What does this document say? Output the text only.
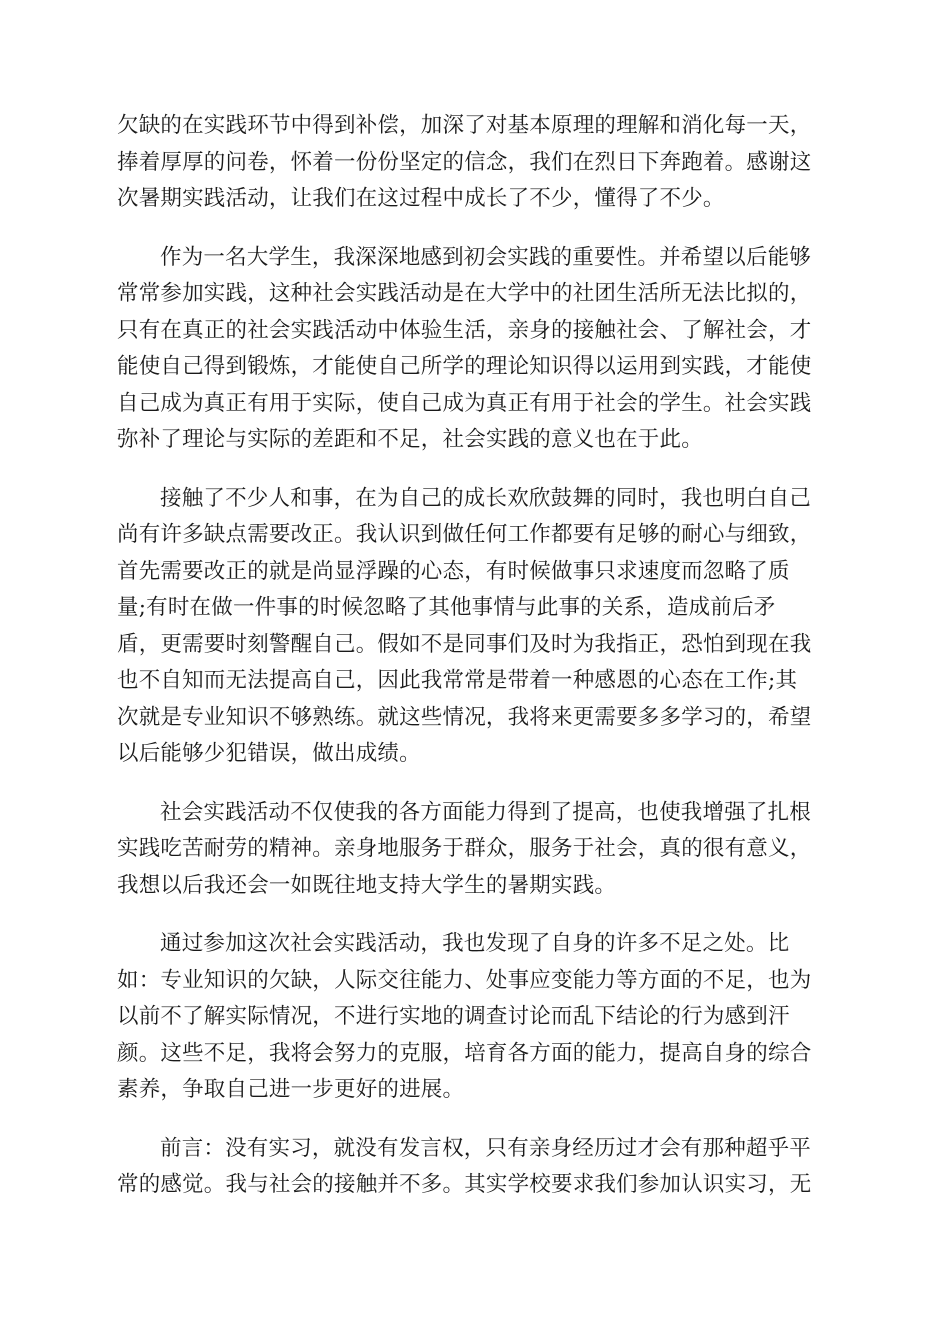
欠缺的在实践环节中得到补偿，加深了对基本原理的理解和消化每一天，
捧着厚厚的问卷，怀着一份份坚定的信念，我们在烈日下奔跑着。感谢这
次暑期实践活动，让我们在这过程中成长了不少，懂得了不少。

作为一名大学生，我深深地感到初会实践的重要性。并希望以后能够
常常参加实践，这种社会实践活动是在大学中的社团生活所无法比拟的，
只有在真正的社会实践活动中体验生活，亲身的接触社会、了解社会，才
能使自己得到锻炼，才能使自己所学的理论知识得以运用到实践，才能使
自己成为真正有用于实际，使自己成为真正有用于社会的学生。社会实践
弥补了理论与实际的差距和不足，社会实践的意义也在于此。

接触了不少人和事，在为自己的成长欢欣鼓舞的同时，我也明白自己
尚有许多缺点需要改正。我认识到做任何工作都要有足够的耐心与细致，
首先需要改正的就是尚显浮躁的心态，有时候做事只求速度而忽略了质
量;有时在做一件事的时候忽略了其他事情与此事的关系，造成前后矛
盾，更需要时刻警醒自己。假如不是同事们及时为我指正，恐怕到现在我
也不自知而无法提高自己，因此我常常是带着一种感恩的心态在工作;其
次就是专业知识不够熟练。就这些情况，我将来更需要多多学习的，希望
以后能够少犯错误，做出成绩。

社会实践活动不仅使我的各方面能力得到了提高，也使我增强了扎根
实践吃苦耐劳的精神。亲身地服务于群众，服务于社会，真的很有意义，
我想以后我还会一如既往地支持大学生的暑期实践。

通过参加这次社会实践活动，我也发现了自身的许多不足之处。比
如：专业知识的欠缺，人际交往能力、处事应变能力等方面的不足，也为
以前不了解实际情况，不进行实地的调查讨论而乱下结论的行为感到汗
颜。这些不足，我将会努力的克服，培育各方面的能力，提高自身的综合
素养，争取自己进一步更好的进展。

前言：没有实习，就没有发言权，只有亲身经历过才会有那种超乎平
常的感觉。我与社会的接触并不多。其实学校要求我们参加认识实习，无
